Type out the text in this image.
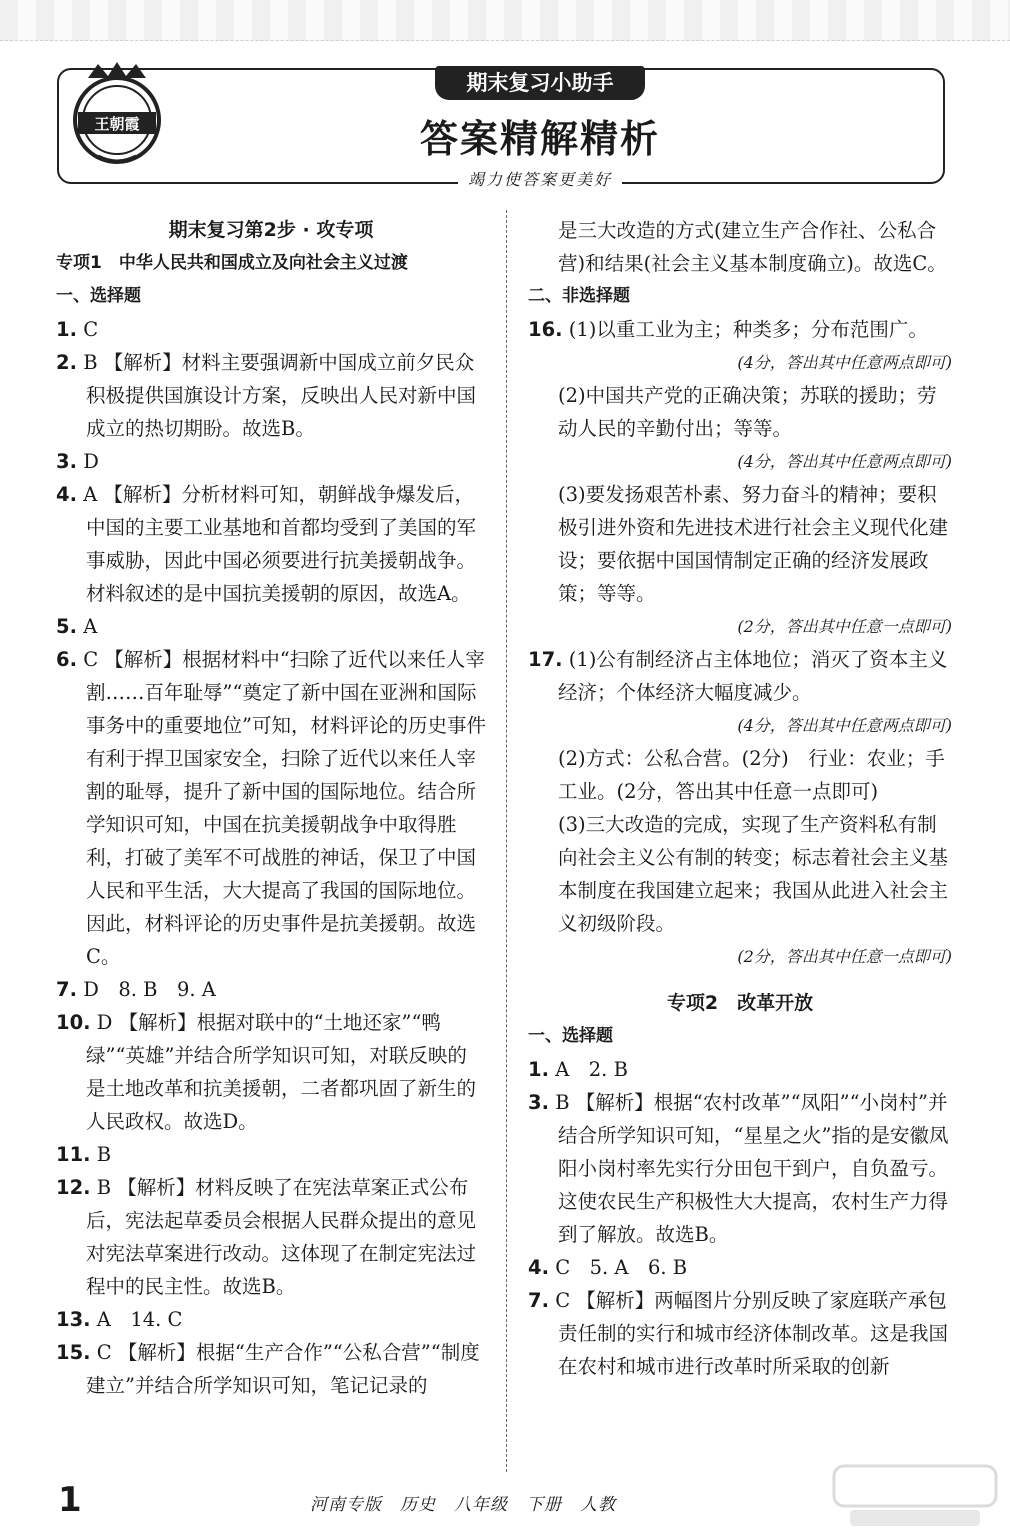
王朝霞
期末复习小助手
答案精解精析
竭力使答案更美好

期末复习第2步 · 攻专项

专项1　中华人民共和国成立及向社会主义过渡

一、选择题

1. C

2. B 【解析】材料主要强调新中国成立前夕民众积极提供国旗设计方案，反映出人民对新中国成立的热切期盼。故选B。

3. D

4. A 【解析】分析材料可知，朝鲜战争爆发后，中国的主要工业基地和首都均受到了美国的军事威胁，因此中国必须要进行抗美援朝战争。材料叙述的是中国抗美援朝的原因，故选A。

5. A

6. C 【解析】根据材料中“扫除了近代以来任人宰割……百年耻辱”“奠定了新中国在亚洲和国际事务中的重要地位”可知，材料评论的历史事件有利于捍卫国家安全，扫除了近代以来任人宰割的耻辱，提升了新中国的国际地位。结合所学知识可知，中国在抗美援朝战争中取得胜利，打破了美军不可战胜的神话，保卫了中国人民和平生活，大大提高了我国的国际地位。因此，材料评论的历史事件是抗美援朝。故选C。

7. D　8. B　9. A

10. D 【解析】根据对联中的“土地还家”“鸭绿”“英雄”并结合所学知识可知，对联反映的是土地改革和抗美援朝，二者都巩固了新生的人民政权。故选D。

11. B

12. B 【解析】材料反映了在宪法草案正式公布后，宪法起草委员会根据人民群众提出的意见对宪法草案进行改动。这体现了在制定宪法过程中的民主性。故选B。

13. A　14. C

15. C 【解析】根据“生产合作”“公私合营”“制度建立”并结合所学知识可知，笔记记录的

是三大改造的方式(建立生产合作社、公私合营)和结果(社会主义基本制度确立)。故选C。

二、非选择题

16. (1)以重工业为主；种类多；分布范围广。

(4分，答出其中任意两点即可)

(2)中国共产党的正确决策；苏联的援助；劳动人民的辛勤付出；等等。

(4分，答出其中任意两点即可)

(3)要发扬艰苦朴素、努力奋斗的精神；要积极引进外资和先进技术进行社会主义现代化建设；要依据中国国情制定正确的经济发展政策；等等。

(2分，答出其中任意一点即可)

17. (1)公有制经济占主体地位；消灭了资本主义经济；个体经济大幅度减少。

(4分，答出其中任意两点即可)

(2)方式：公私合营。(2分)　行业：农业；手工业。(2分，答出其中任意一点即可)

(3)三大改造的完成，实现了生产资料私有制向社会主义公有制的转变；标志着社会主义基本制度在我国建立起来；我国从此进入社会主义初级阶段。

(2分，答出其中任意一点即可)

专项2　改革开放

一、选择题

1. A　2. B

3. B 【解析】根据“农村改革”“凤阳”“小岗村”并结合所学知识可知，“星星之火”指的是安徽凤阳小岗村率先实行分田包干到户，自负盈亏。这使农民生产积极性大大提高，农村生产力得到了解放。故选B。

4. C　5. A　6. B

7. C 【解析】两幅图片分别反映了家庭联产承包责任制的实行和城市经济体制改革。这是我国在农村和城市进行改革时所采取的创新

1	河南专版　历史　八年级　下册　人教
